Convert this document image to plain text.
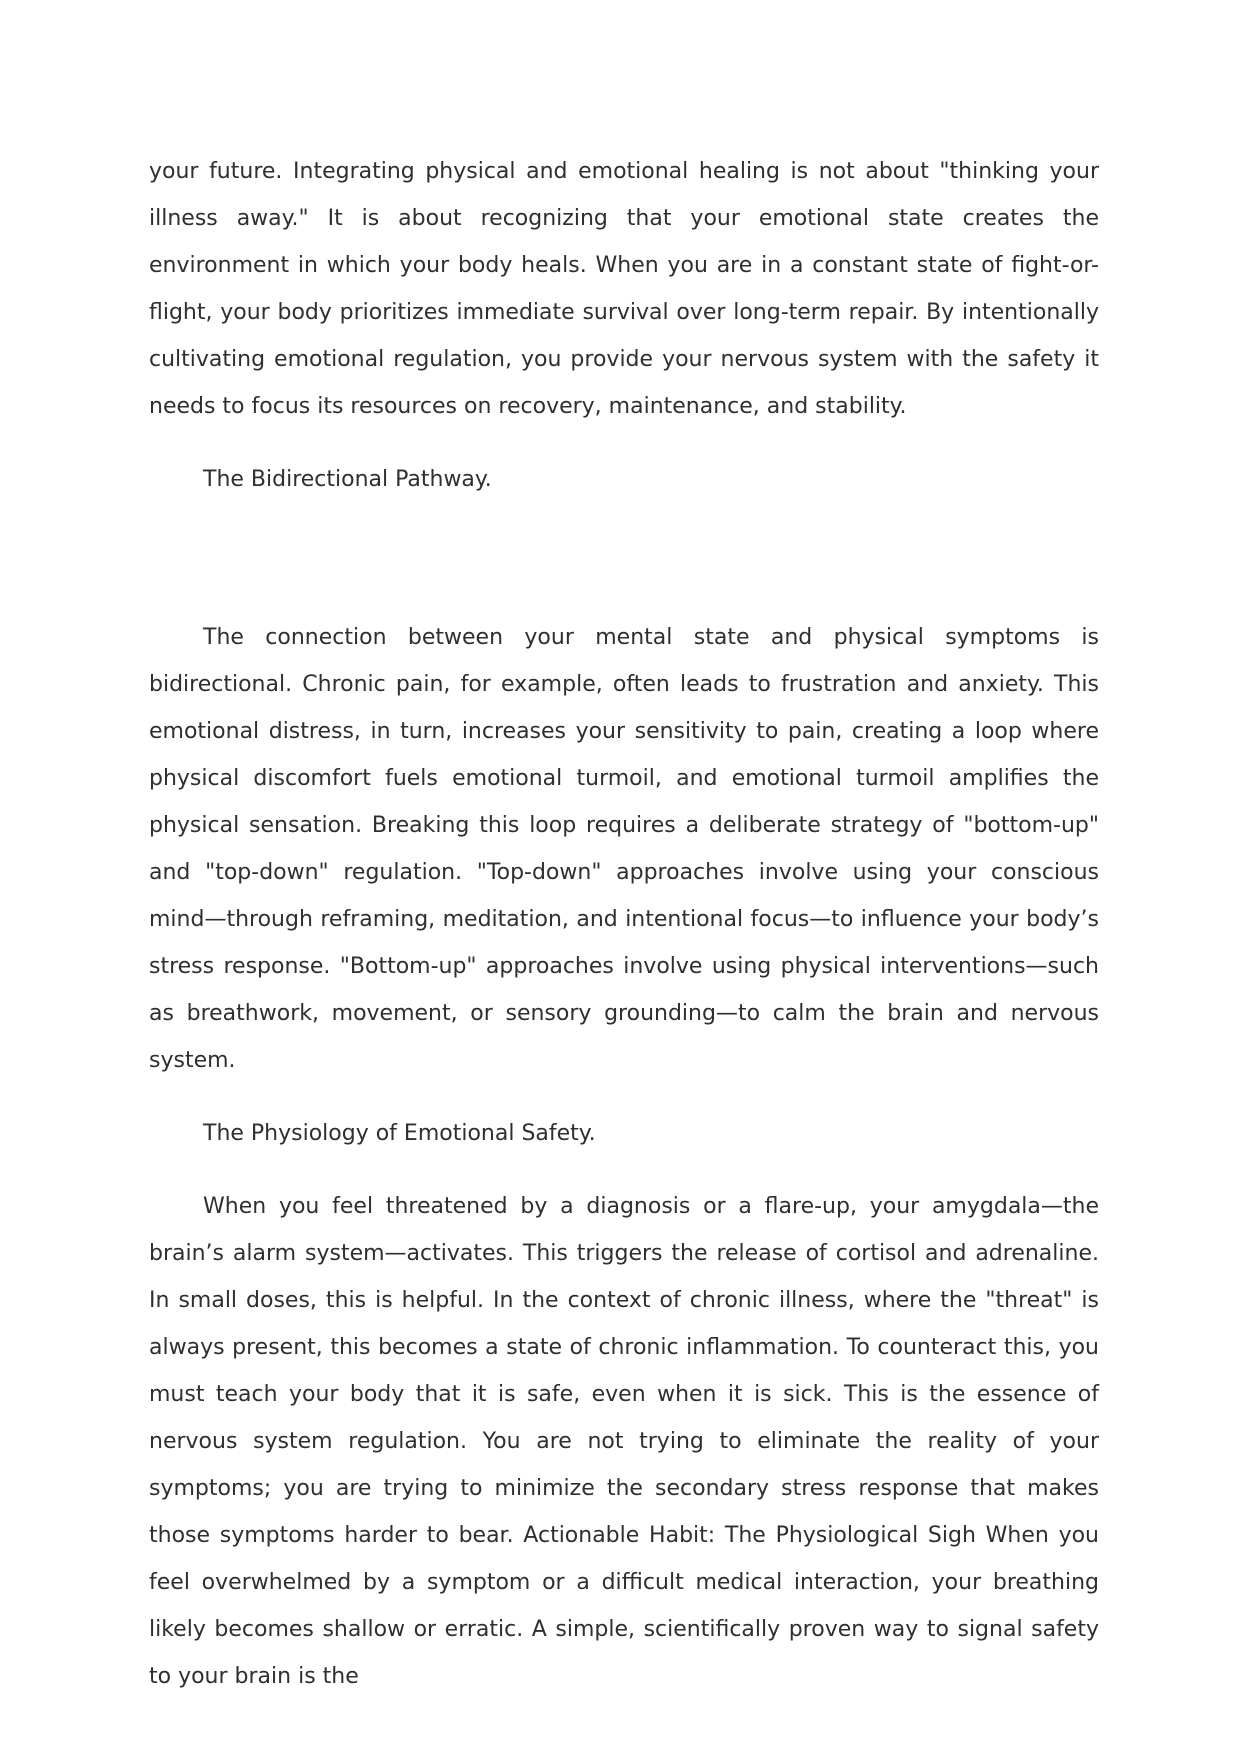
your future. Integrating physical and emotional healing is not about "thinking your illness away." It is about recognizing that your emotional state creates the environment in which your body heals. When you are in a constant state of fight-or-flight, your body prioritizes immediate survival over long-term repair. By intentionally cultivating emotional regulation, you provide your nervous system with the safety it needs to focus its resources on recovery, maintenance, and stability.

The Bidirectional Pathway.

The connection between your mental state and physical symptoms is bidirectional. Chronic pain, for example, often leads to frustration and anxiety. This emotional distress, in turn, increases your sensitivity to pain, creating a loop where physical discomfort fuels emotional turmoil, and emotional turmoil amplifies the physical sensation. Breaking this loop requires a deliberate strategy of "bottom-up" and "top-down" regulation. "Top-down" approaches involve using your conscious mind—through reframing, meditation, and intentional focus—to influence your body’s stress response. "Bottom-up" approaches involve using physical interventions—such as breathwork, movement, or sensory grounding—to calm the brain and nervous system.

The Physiology of Emotional Safety.

When you feel threatened by a diagnosis or a flare-up, your amygdala—the brain’s alarm system—activates. This triggers the release of cortisol and adrenaline. In small doses, this is helpful. In the context of chronic illness, where the "threat" is always present, this becomes a state of chronic inflammation. To counteract this, you must teach your body that it is safe, even when it is sick. This is the essence of nervous system regulation. You are not trying to eliminate the reality of your symptoms; you are trying to minimize the secondary stress response that makes those symptoms harder to bear. Actionable Habit: The Physiological Sigh When you feel overwhelmed by a symptom or a difficult medical interaction, your breathing likely becomes shallow or erratic. A simple, scientifically proven way to signal safety to your brain is the
